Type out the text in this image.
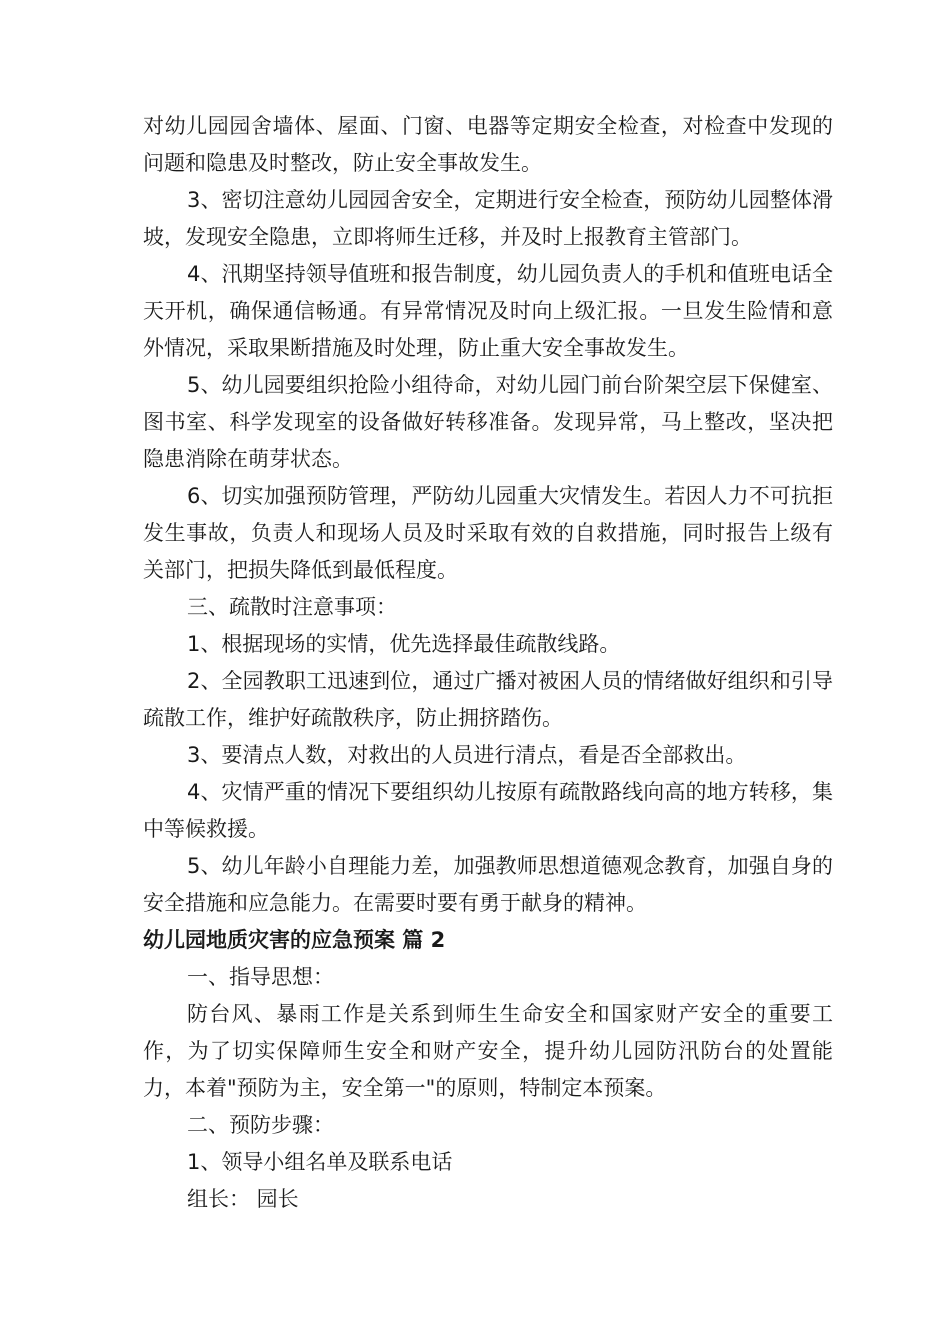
对幼儿园园舍墙体、屋面、门窗、电器等定期安全检查，对检查中发现的问题和隐患及时整改，防止安全事故发生。

3、密切注意幼儿园园舍安全，定期进行安全检查，预防幼儿园整体滑坡，发现安全隐患，立即将师生迁移，并及时上报教育主管部门。

4、汛期坚持领导值班和报告制度，幼儿园负责人的手机和值班电话全天开机，确保通信畅通。有异常情况及时向上级汇报。一旦发生险情和意外情况，采取果断措施及时处理，防止重大安全事故发生。

5、幼儿园要组织抢险小组待命，对幼儿园门前台阶架空层下保健室、图书室、科学发现室的设备做好转移准备。发现异常，马上整改，坚决把隐患消除在萌芽状态。

6、切实加强预防管理，严防幼儿园重大灾情发生。若因人力不可抗拒发生事故，负责人和现场人员及时采取有效的自救措施，同时报告上级有关部门，把损失降低到最低程度。

三、疏散时注意事项：

1、根据现场的实情，优先选择最佳疏散线路。

2、全园教职工迅速到位，通过广播对被困人员的情绪做好组织和引导疏散工作，维护好疏散秩序，防止拥挤踏伤。

3、要清点人数，对救出的人员进行清点，看是否全部救出。

4、灾情严重的情况下要组织幼儿按原有疏散路线向高的地方转移，集中等候救援。

5、幼儿年龄小自理能力差，加强教师思想道德观念教育，加强自身的安全措施和应急能力。在需要时要有勇于献身的精神。

幼儿园地质灾害的应急预案 篇 2

一、指导思想：

防台风、暴雨工作是关系到师生生命安全和国家财产安全的重要工作，为了切实保障师生安全和财产安全，提升幼儿园防汛防台的处置能力，本着"预防为主，安全第一"的原则，特制定本预案。

二、预防步骤：

1、领导小组名单及联系电话

组长： 园长
